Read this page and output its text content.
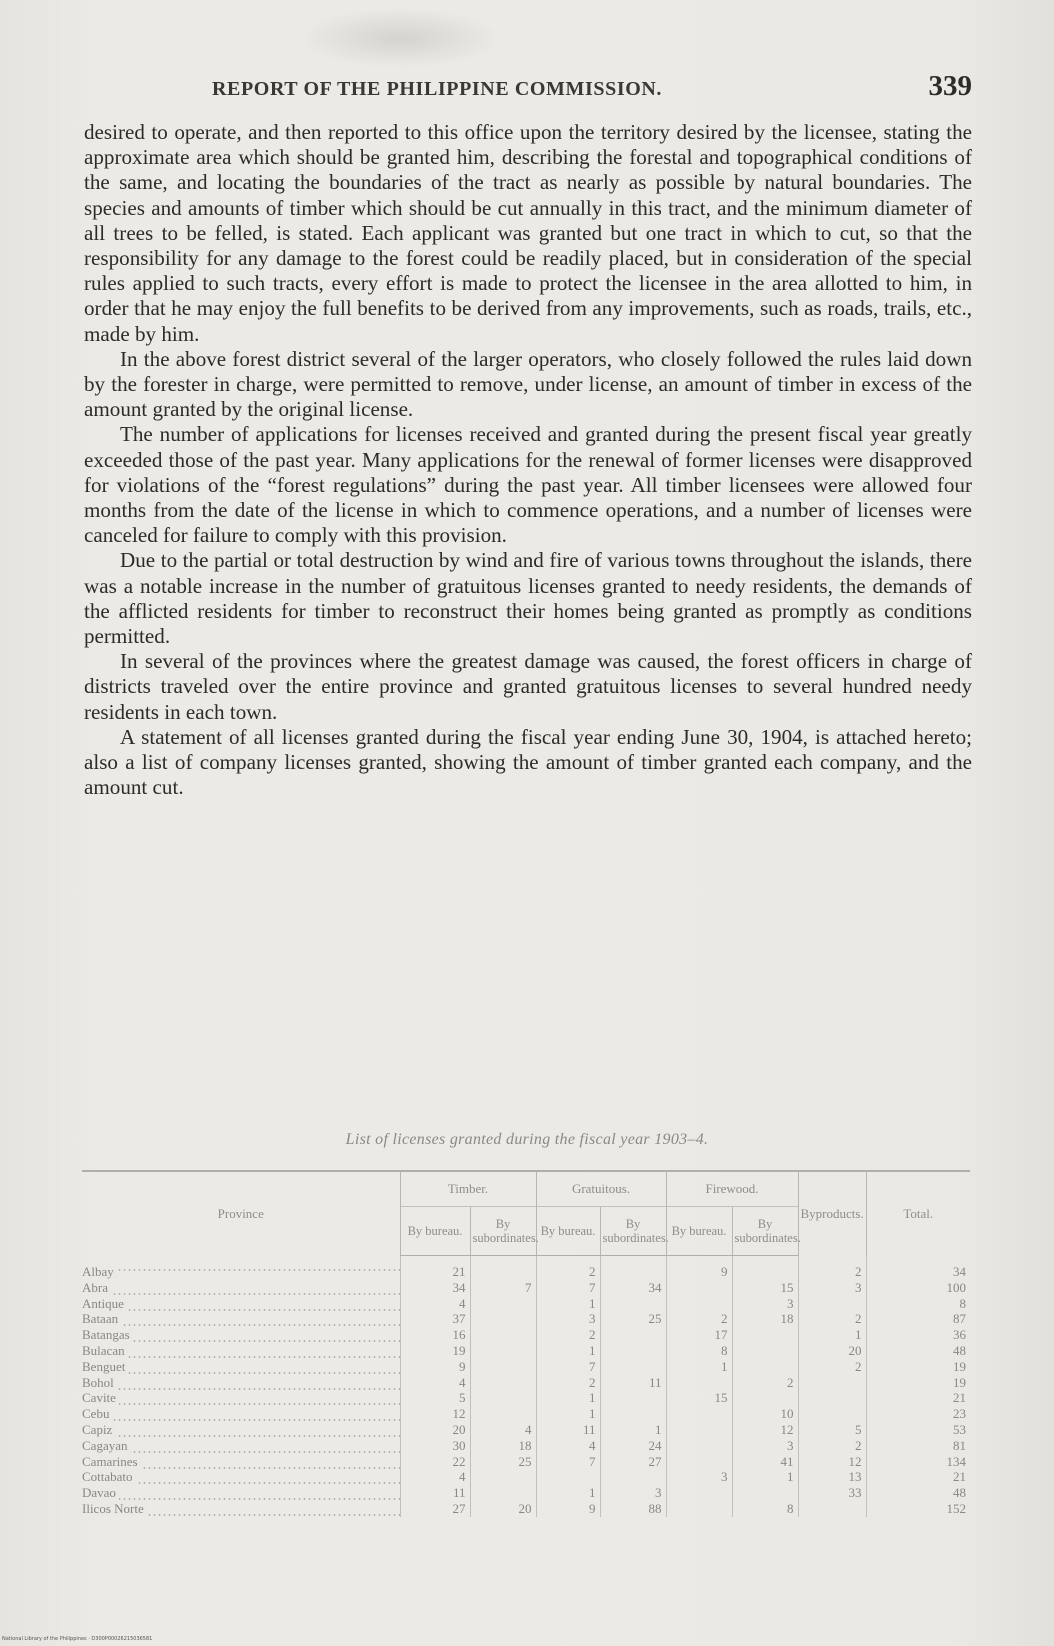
REPORT OF THE PHILIPPINE COMMISSION.	339

desired to operate, and then reported to this office upon the territory desired by the licensee, stating the approximate area which should be granted him, describing the forestal and topographical conditions of the same, and locating the boundaries of the tract as nearly as possible by natural boundaries. The species and amounts of timber which should be cut annually in this tract, and the minimum diameter of all trees to be felled, is stated. Each applicant was granted but one tract in which to cut, so that the responsibility for any damage to the forest could be readily placed, but in consideration of the special rules applied to such tracts, every effort is made to protect the licensee in the area allotted to him, in order that he may enjoy the full benefits to be derived from any improvements, such as roads, trails, etc., made by him.

In the above forest district several of the larger operators, who closely followed the rules laid down by the forester in charge, were permitted to remove, under license, an amount of timber in excess of the amount granted by the original license.

The number of applications for licenses received and granted during the present fiscal year greatly exceeded those of the past year. Many applications for the renewal of former licenses were disapproved for violations of the “forest regulations” during the past year. All timber licensees were allowed four months from the date of the license in which to commence operations, and a number of licenses were canceled for failure to comply with this provision.

Due to the partial or total destruction by wind and fire of various towns throughout the islands, there was a notable increase in the number of gratuitous licenses granted to needy residents, the demands of the afflicted residents for timber to reconstruct their homes being granted as promptly as conditions permitted.

In several of the provinces where the greatest damage was caused, the forest officers in charge of districts traveled over the entire province and granted gratuitous licenses to several hundred needy residents in each town.

A statement of all licenses granted during the fiscal year ending June 30, 1904, is attached hereto; also a list of company licenses granted, showing the amount of timber granted each company, and the amount cut.

List of licenses granted during the fiscal year 1903–4.
Province	Timber.		Gratuitous.		Firewood.		Byproducts.	Total.
	By bureau.	By subordinates.	By bureau.	By subordinates.	By bureau.	By subordinates.		
Albay	21		2		9		2	34
Abra	34	7	7	34		15	3	100
Antique	4		1			3		8
Bataan	37		3	25	2	18	2	87
Batangas	16		2		17		1	36
Bulacan	19		1		8		20	48
Benguet	9		7		1		2	19
Bohol	4		2	11		2		19
Cavite	5		1		15			21
Cebu	12		1			10		23
Capiz	20	4	11	1		12	5	53
Cagayan	30	18	4	24		3	2	81
Camarines	22	25	7	27		41	12	134
Cottabato	4				3	1	13	21
Davao	11		1	3			33	48
Ilicos Norte	27	20	9	88		8		152
National Library of the Philippines · D300P00026215036581
